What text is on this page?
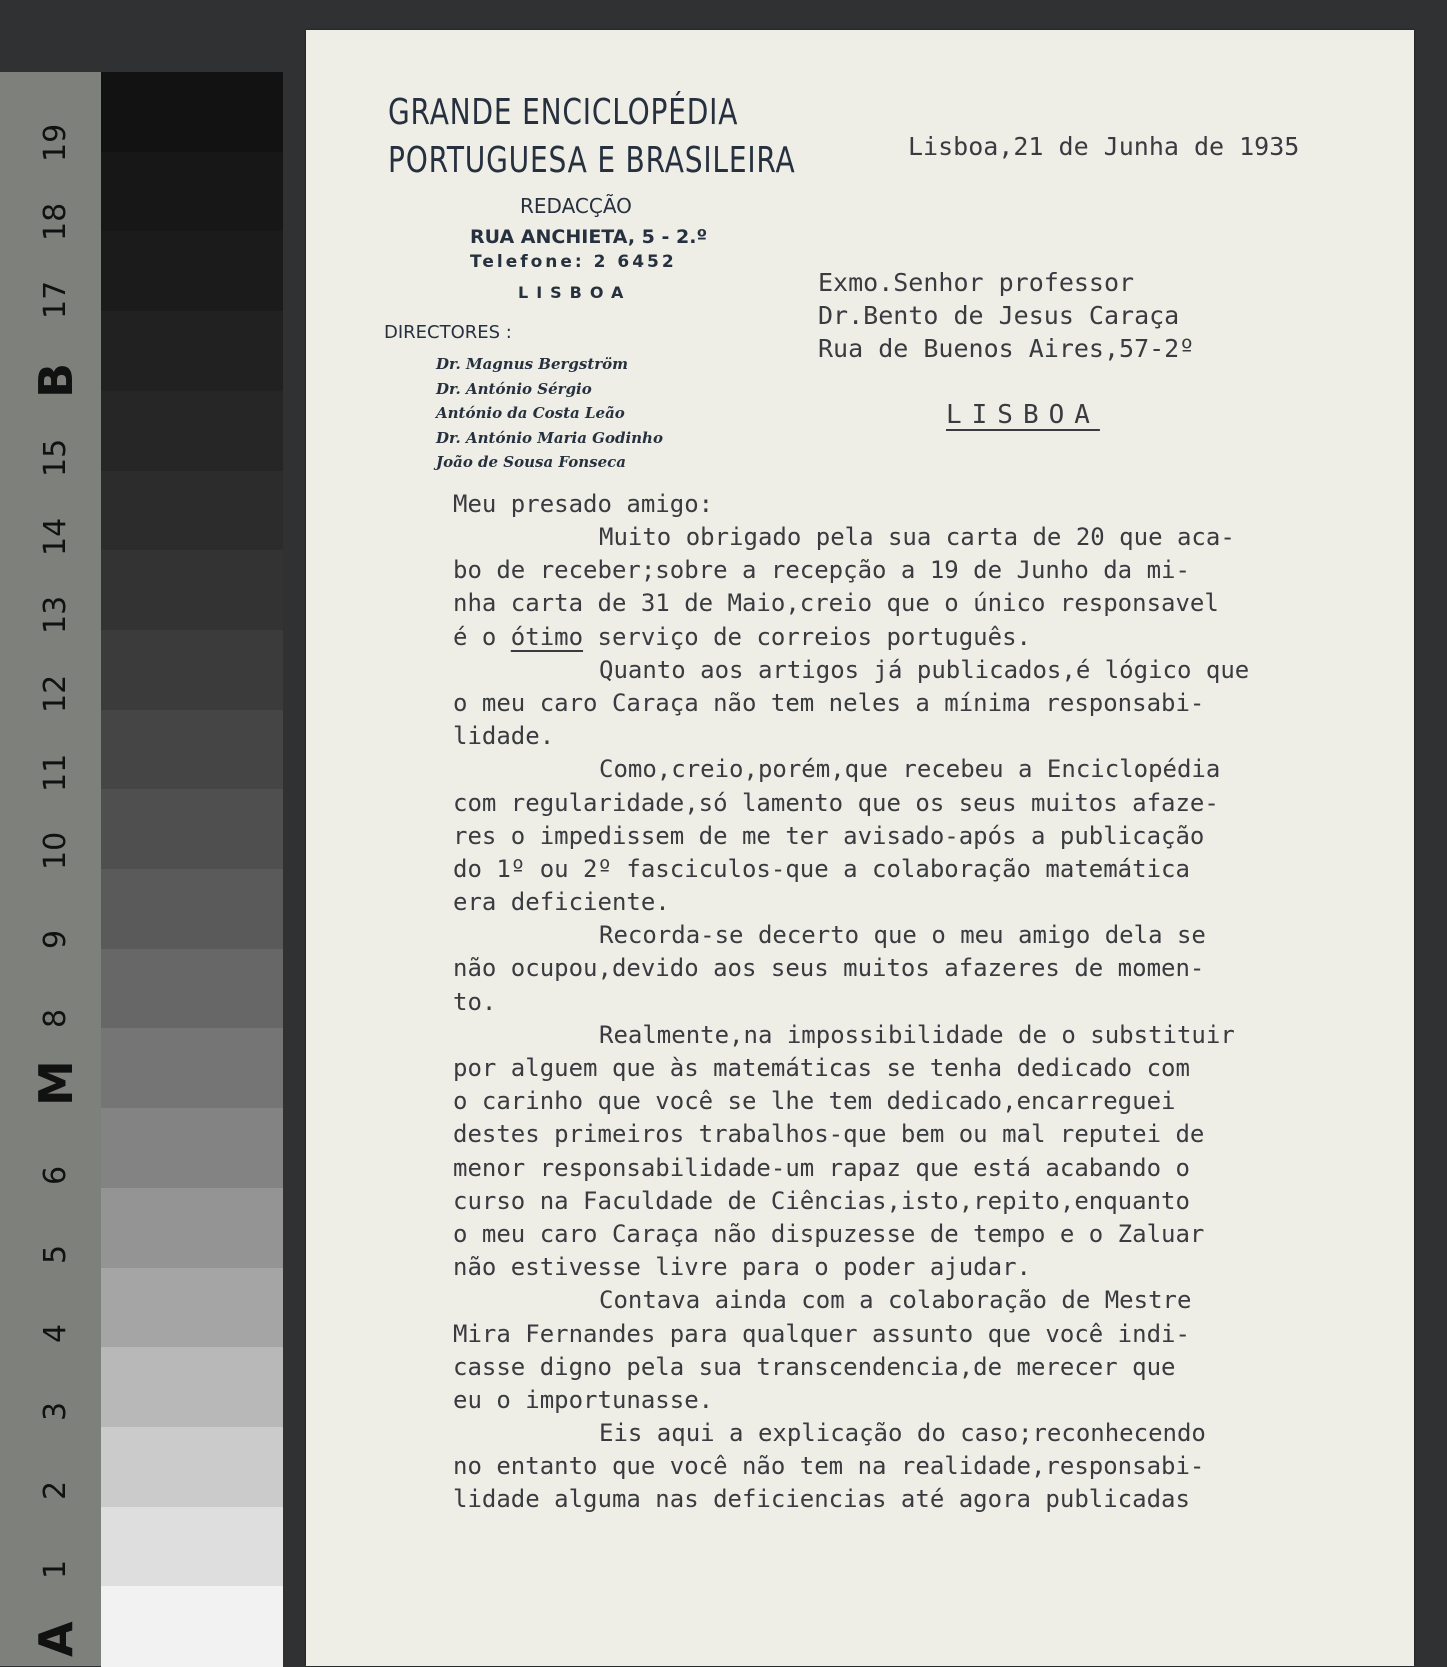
19
18
17
B
15
14
13
12
11
10
9
8
M
6
5
4
3
2
1
A
GRANDE ENCICLOPÉDIA
PORTUGUESA E BRASILEIRA
REDACÇÃO
RUA ANCHIETA, 5 - 2.º
Telefone: 2 6452
LISBOA
DIRECTORES :
Dr. Magnus Bergström
Dr. António Sérgio
António da Costa Leão
Dr. António Maria Godinho
João de Sousa Fonseca
Lisboa,21 de Junha de 1935
Exmo.Senhor professor
Dr.Bento de Jesus Caraça
Rua de Buenos Aires,57-2º
LISBOA
Meu presado amigo:
Muito obrigado pela sua carta de 20 que aca-
bo de receber;sobre a recepção a 19 de Junho da mi-
nha carta de 31 de Maio,creio que o único responsavel
é o ótimo serviço de correios português.
Quanto aos artigos já publicados,é lógico que
o meu caro Caraça não tem neles a mínima responsabi-
lidade.
Como,creio,porém,que recebeu a Enciclopédia
com regularidade,só lamento que os seus muitos afaze-
res o impedissem de me ter avisado-após a publicação
do 1º ou 2º fasciculos-que a colaboração matemática
era deficiente.
Recorda-se decerto que o meu amigo dela se
não ocupou,devido aos seus muitos afazeres de momen-
to.
Realmente,na impossibilidade de o substituir
por alguem que às matemáticas se tenha dedicado com
o carinho que você se lhe tem dedicado,encarreguei
destes primeiros trabalhos-que bem ou mal reputei de
menor responsabilidade-um rapaz que está acabando o
curso na Faculdade de Ciências,isto,repito,enquanto
o meu caro Caraça não dispuzesse de tempo e o Zaluar
não estivesse livre para o poder ajudar.
Contava ainda com a colaboração de Mestre
Mira Fernandes para qualquer assunto que você indi-
casse digno pela sua transcendencia,de merecer que
eu o importunasse.
Eis aqui a explicação do caso;reconhecendo
no entanto que você não tem na realidade,responsabi-
lidade alguma nas deficiencias até agora publicadas
